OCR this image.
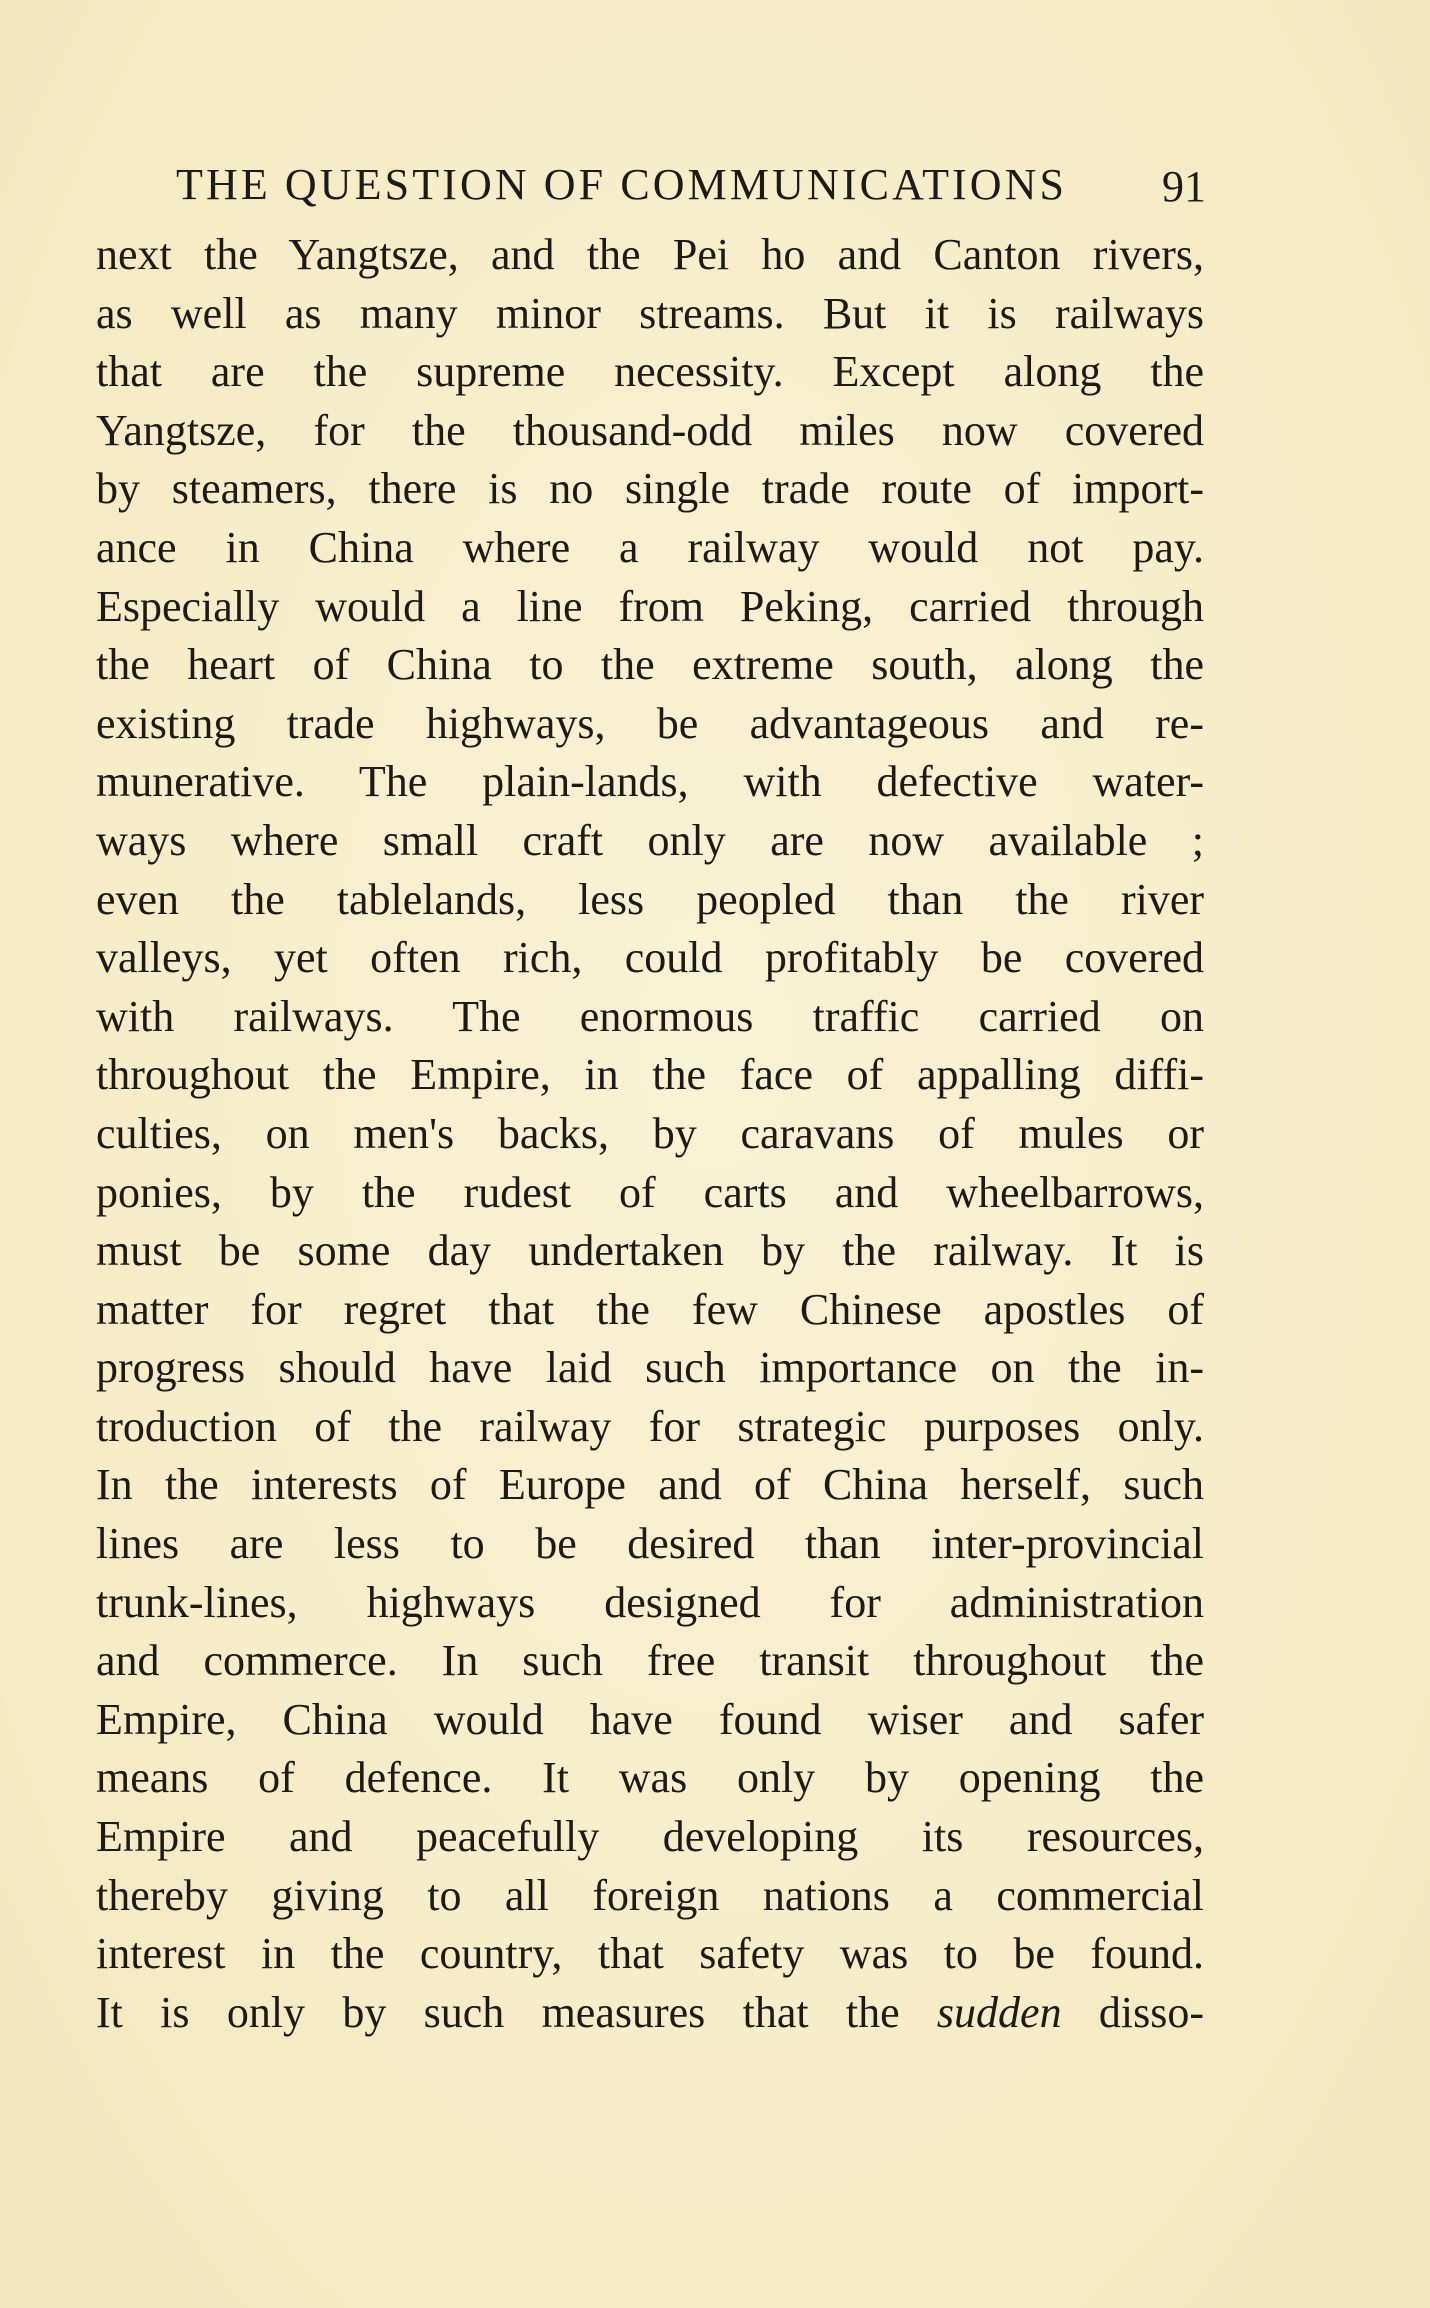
THE QUESTION OF COMMUNICATIONS 91
next the Yangtsze, and the Pei ho and Canton rivers,
as well as many minor streams. But it is railways
that are the supreme necessity. Except along the
Yangtsze, for the thousand-odd miles now covered
by steamers, there is no single trade route of import-
ance in China where a railway would not pay.
Especially would a line from Peking, carried through
the heart of China to the extreme south, along the
existing trade highways, be advantageous and re-
munerative. The plain-lands, with defective water-
ways where small craft only are now available ;
even the tablelands, less peopled than the river
valleys, yet often rich, could profitably be covered
with railways. The enormous traffic carried on
throughout the Empire, in the face of appalling diffi-
culties, on men's backs, by caravans of mules or
ponies, by the rudest of carts and wheelbarrows,
must be some day undertaken by the railway. It is
matter for regret that the few Chinese apostles of
progress should have laid such importance on the in-
troduction of the railway for strategic purposes only.
In the interests of Europe and of China herself, such
lines are less to be desired than inter-provincial
trunk-lines, highways designed for administration
and commerce. In such free transit throughout the
Empire, China would have found wiser and safer
means of defence. It was only by opening the
Empire and peacefully developing its resources,
thereby giving to all foreign nations a commercial
interest in the country, that safety was to be found.
It is only by such measures that the sudden disso-
